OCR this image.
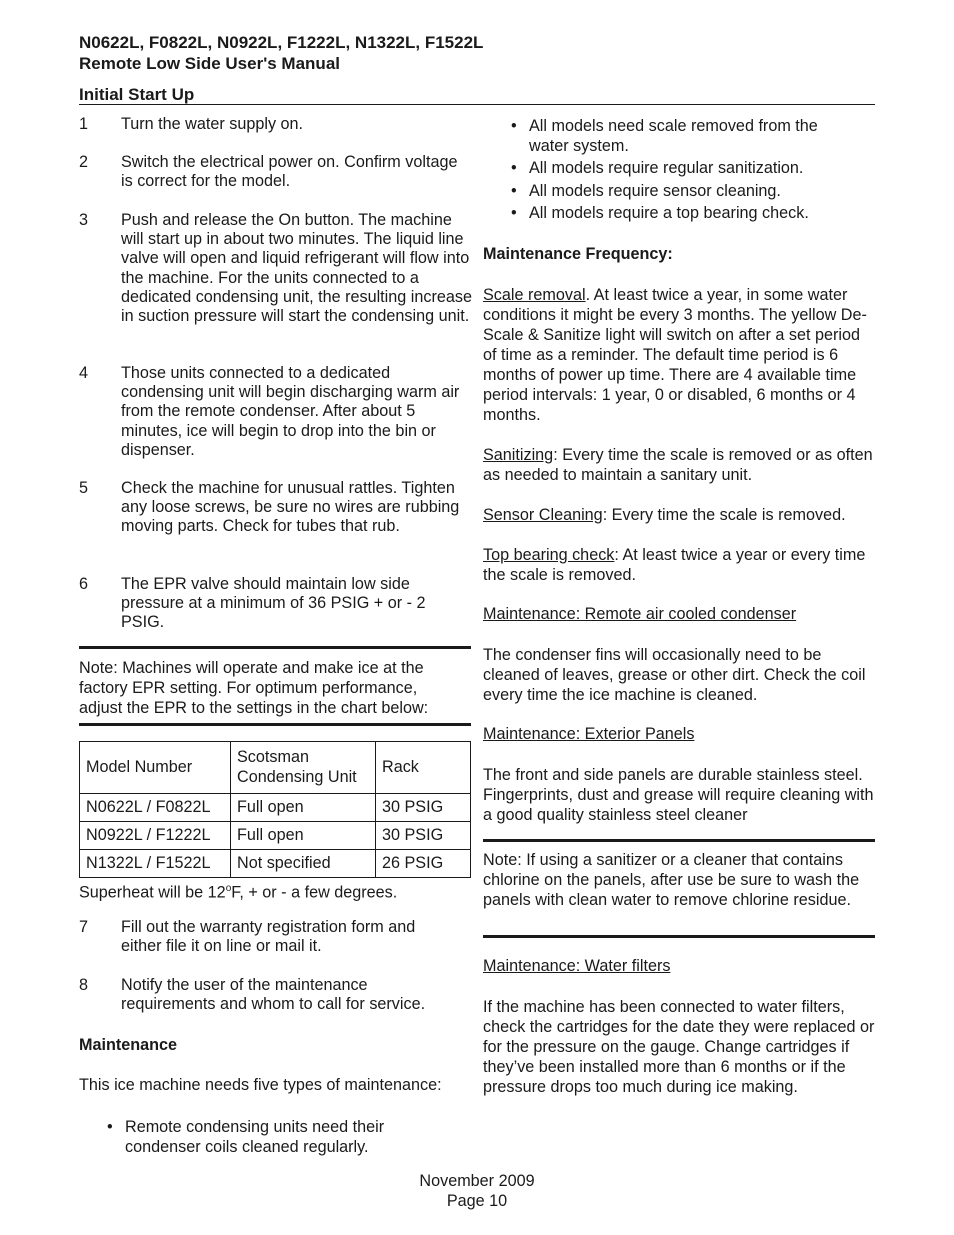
N0622L, F0822L, N0922L, F1222L, N1322L, F1522L
Remote Low Side User's Manual
Initial Start Up
1	Turn the water supply on.
2	Switch the electrical power on. Confirm voltage is correct for the model.
3	Push and release the On button. The machine will start up in about two minutes. The liquid line valve will open and liquid refrigerant will flow into the machine. For the units connected to a dedicated condensing unit, the resulting increase in suction pressure will start the condensing unit.
4	Those units connected to a dedicated condensing unit will begin discharging warm air from the remote condenser. After about 5 minutes, ice will begin to drop into the bin or dispenser.
5	Check the machine for unusual rattles. Tighten any loose screws, be sure no wires are rubbing moving parts. Check for tubes that rub.
6	The EPR valve should maintain low side pressure at a minimum of 36 PSIG + or - 2 PSIG.
Note: Machines will operate and make ice at the factory EPR setting. For optimum performance, adjust the EPR to the settings in the chart below:
Model Number	Scotsman Condensing Unit	Rack
N0622L / F0822L	Full open	30 PSIG
N0922L / F1222L	Full open	30 PSIG
N1322L / F1522L	Not specified	26 PSIG
Superheat will be $12^oF$, + or - a few degrees.
7	Fill out the warranty registration form and either file it on line or mail it.
8	Notify the user of the maintenance requirements and whom to call for service.
Maintenance
This ice machine needs five types of maintenance:
• Remote condensing units need their condenser coils cleaned regularly.
• All models need scale removed from the water system.
• All models require regular sanitization.
• All models require sensor cleaning.
• All models require a top bearing check.
Maintenance Frequency:
Scale removal. At least twice a year, in some water conditions it might be every 3 months. The yellow De-Scale & Sanitize light will switch on after a set period of time as a reminder. The default time period is 6 months of power up time. There are 4 available time period intervals: 1 year, 0 or disabled, 6 months or 4 months.
Sanitizing: Every time the scale is removed or as often as needed to maintain a sanitary unit.
Sensor Cleaning: Every time the scale is removed.
Top bearing check: At least twice a year or every time the scale is removed.
Maintenance: Remote air cooled condenser
The condenser fins will occasionally need to be cleaned of leaves, grease or other dirt. Check the coil every time the ice machine is cleaned.
Maintenance: Exterior Panels
The front and side panels are durable stainless steel. Fingerprints, dust and grease will require cleaning with a good quality stainless steel cleaner
Note: If using a sanitizer or a cleaner that contains chlorine on the panels, after use be sure to wash the panels with clean water to remove chlorine residue.
Maintenance: Water filters
If the machine has been connected to water filters, check the cartridges for the date they were replaced or for the pressure on the gauge. Change cartridges if they’ve been installed more than 6 months or if the pressure drops too much during ice making.
November 2009
Page 10
